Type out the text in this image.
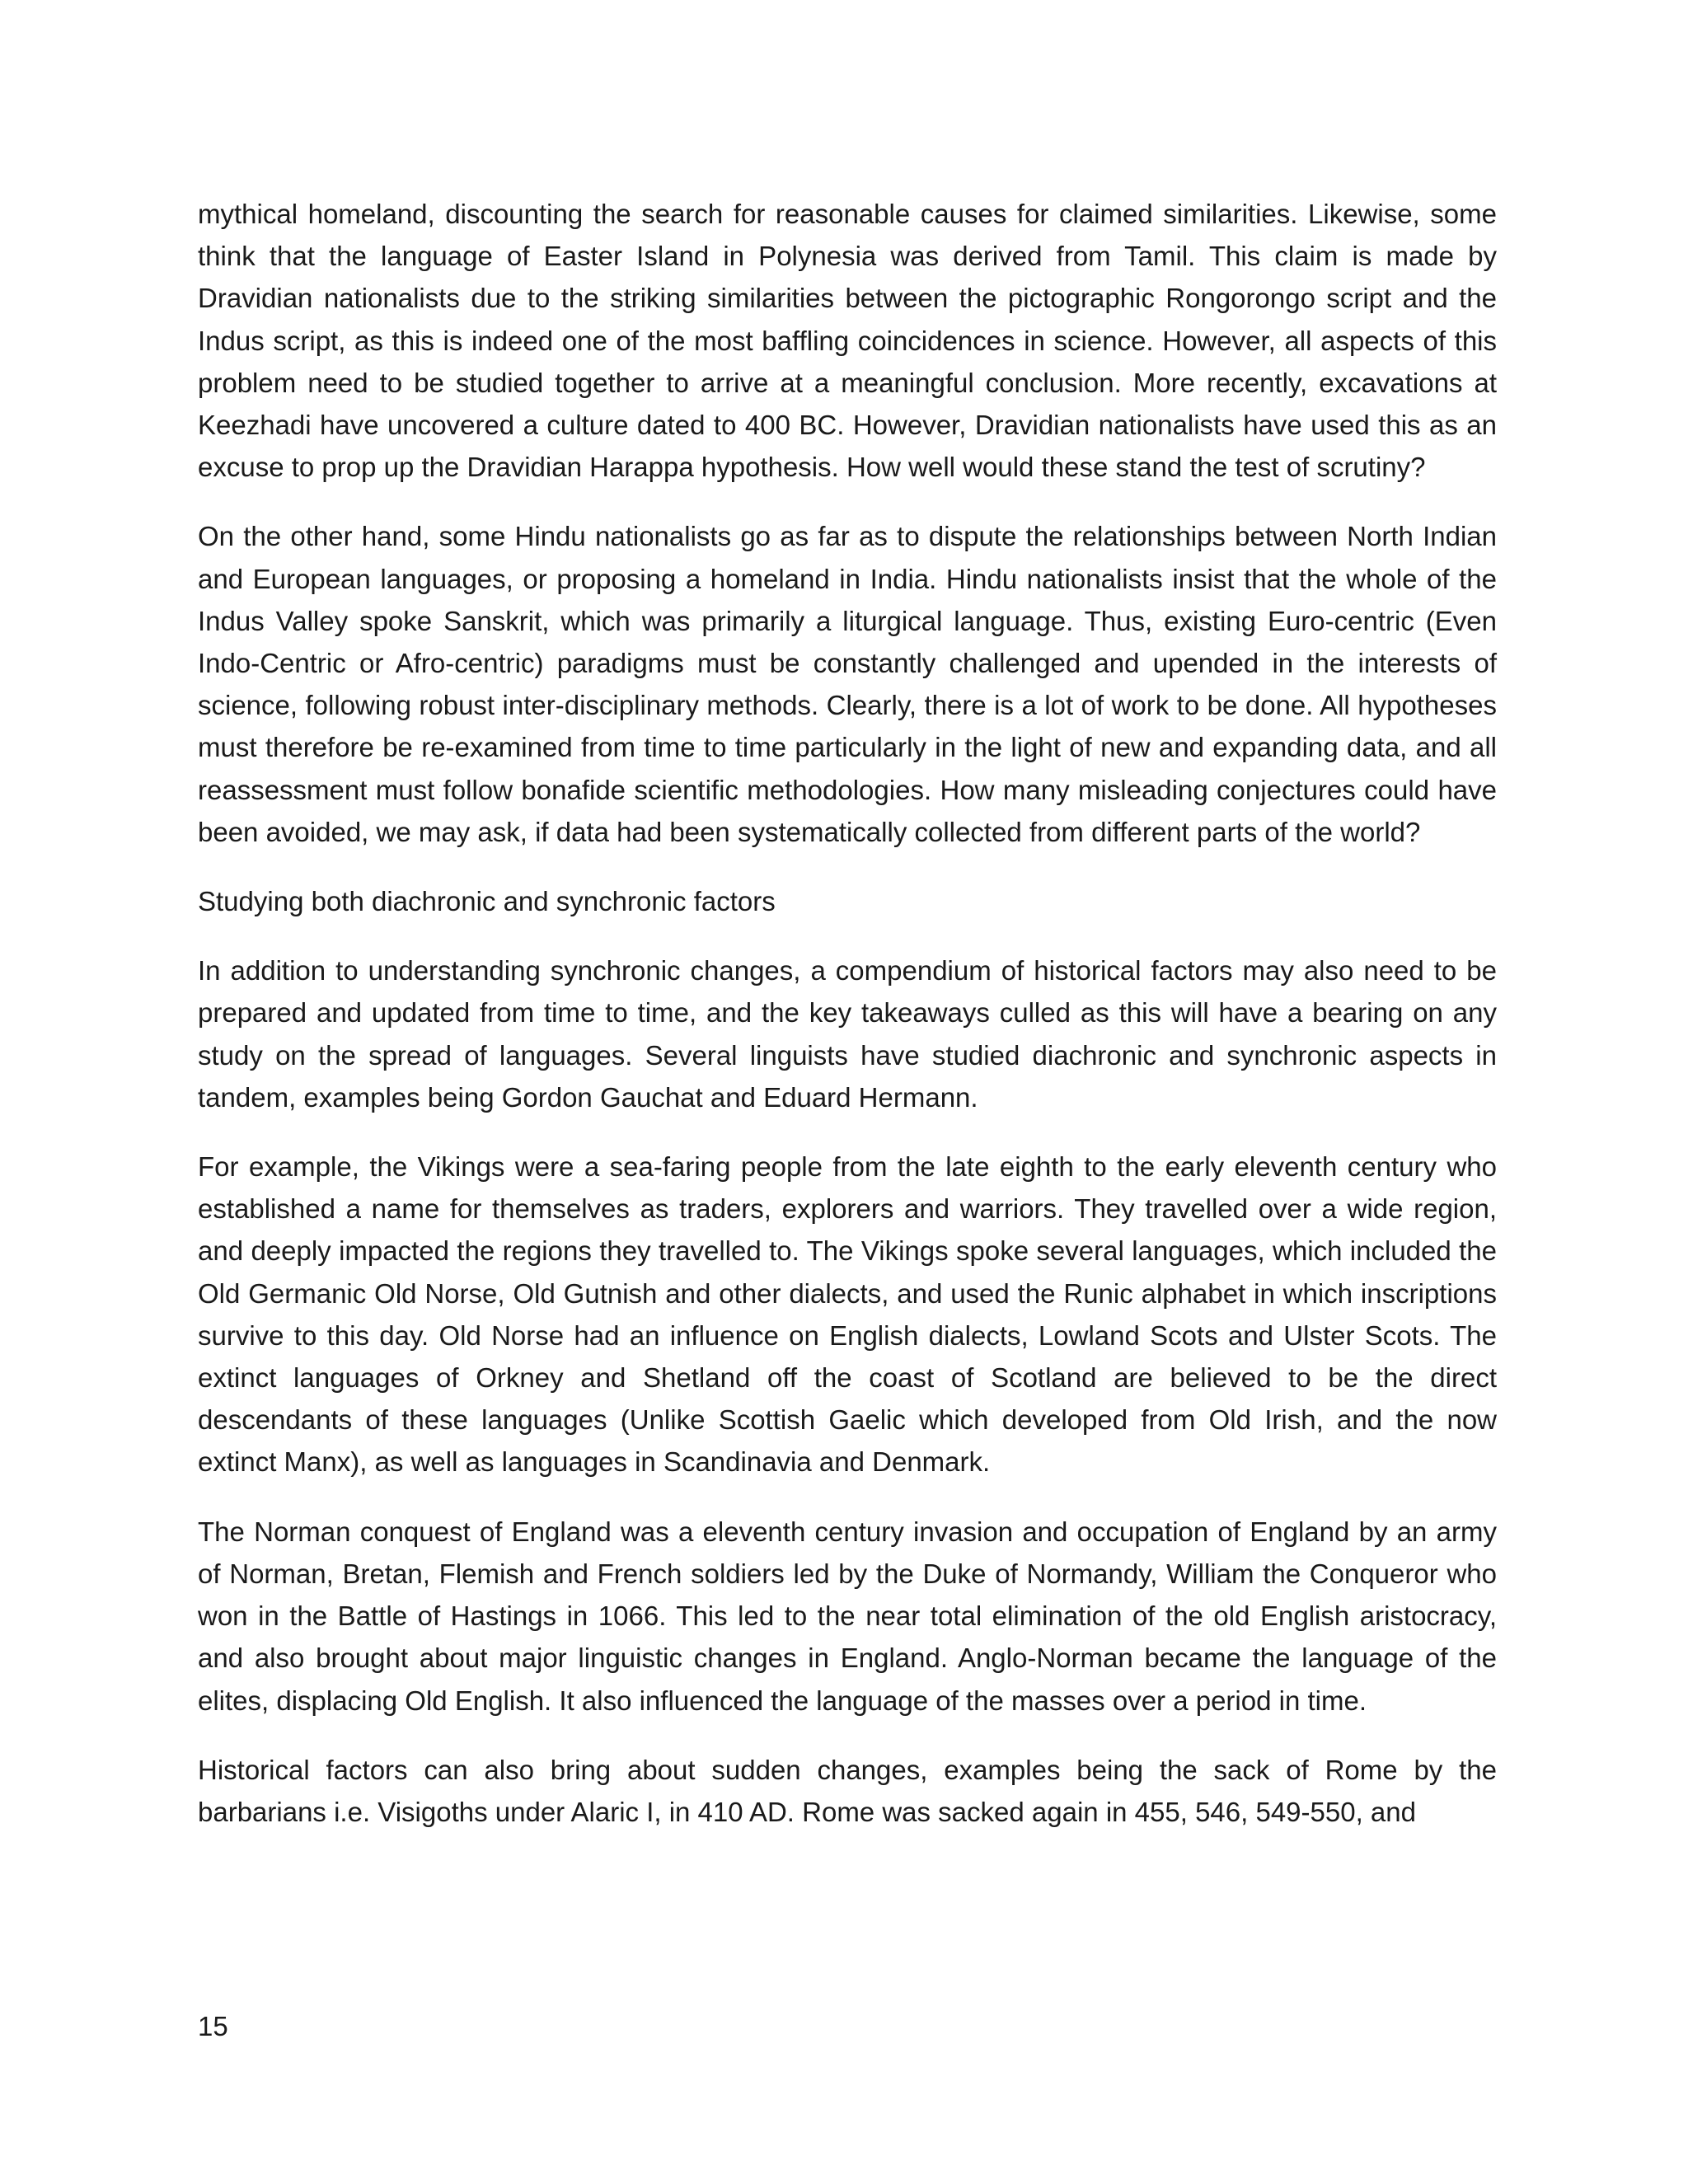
mythical homeland, discounting the search for reasonable causes for claimed similarities. Likewise, some think that the language of Easter Island in Polynesia was derived from Tamil. This claim is made by Dravidian nationalists due to the striking similarities between the pictographic Rongorongo script and the Indus script, as this is indeed one of the most baffling coincidences in science. However, all aspects of this problem need to be studied together to arrive at a meaningful conclusion. More recently, excavations at Keezhadi have uncovered a culture dated to 400 BC. However, Dravidian nationalists have used this as an excuse to prop up the Dravidian Harappa hypothesis. How well would these stand the test of scrutiny?

On the other hand, some Hindu nationalists go as far as to dispute the relationships between North Indian and European languages, or proposing a homeland in India. Hindu nationalists insist that the whole of the Indus Valley spoke Sanskrit, which was primarily a liturgical language. Thus, existing Euro-centric (Even Indo-Centric or Afro-centric) paradigms must be constantly challenged and upended in the interests of science, following robust inter-disciplinary methods. Clearly, there is a lot of work to be done. All hypotheses must therefore be re-examined from time to time particularly in the light of new and expanding data, and all reassessment must follow bonafide scientific methodologies. How many misleading conjectures could have been avoided, we may ask, if data had been systematically collected from different parts of the world?

Studying both diachronic and synchronic factors

In addition to understanding synchronic changes, a compendium of historical factors may also need to be prepared and updated from time to time, and the key takeaways culled as this will have a bearing on any study on the spread of languages. Several linguists have studied diachronic and synchronic aspects in tandem, examples being Gordon Gauchat and Eduard Hermann.

For example, the Vikings were a sea-faring people from the late eighth to the early eleventh century who established a name for themselves as traders, explorers and warriors. They travelled over a wide region, and deeply impacted the regions they travelled to. The Vikings spoke several languages, which included the Old Germanic Old Norse, Old Gutnish and other dialects, and used the Runic alphabet in which inscriptions survive to this day. Old Norse had an influence on English dialects, Lowland Scots and Ulster Scots. The extinct languages of Orkney and Shetland off the coast of Scotland are believed to be the direct descendants of these languages (Unlike Scottish Gaelic which developed from Old Irish, and the now extinct Manx), as well as languages in Scandinavia and Denmark.

The Norman conquest of England was a eleventh century invasion and occupation of England by an army of Norman, Bretan, Flemish and French soldiers led by the Duke of Normandy, William the Conqueror who won in the Battle of Hastings in 1066. This led to the near total elimination of the old English aristocracy, and also brought about major linguistic changes in England. Anglo-Norman became the language of the elites, displacing Old English. It also influenced the language of the masses over a period in time.

Historical factors can also bring about sudden changes, examples being the sack of Rome by the barbarians i.e. Visigoths under Alaric I, in 410 AD. Rome was sacked again in 455, 546, 549-550, and

15
